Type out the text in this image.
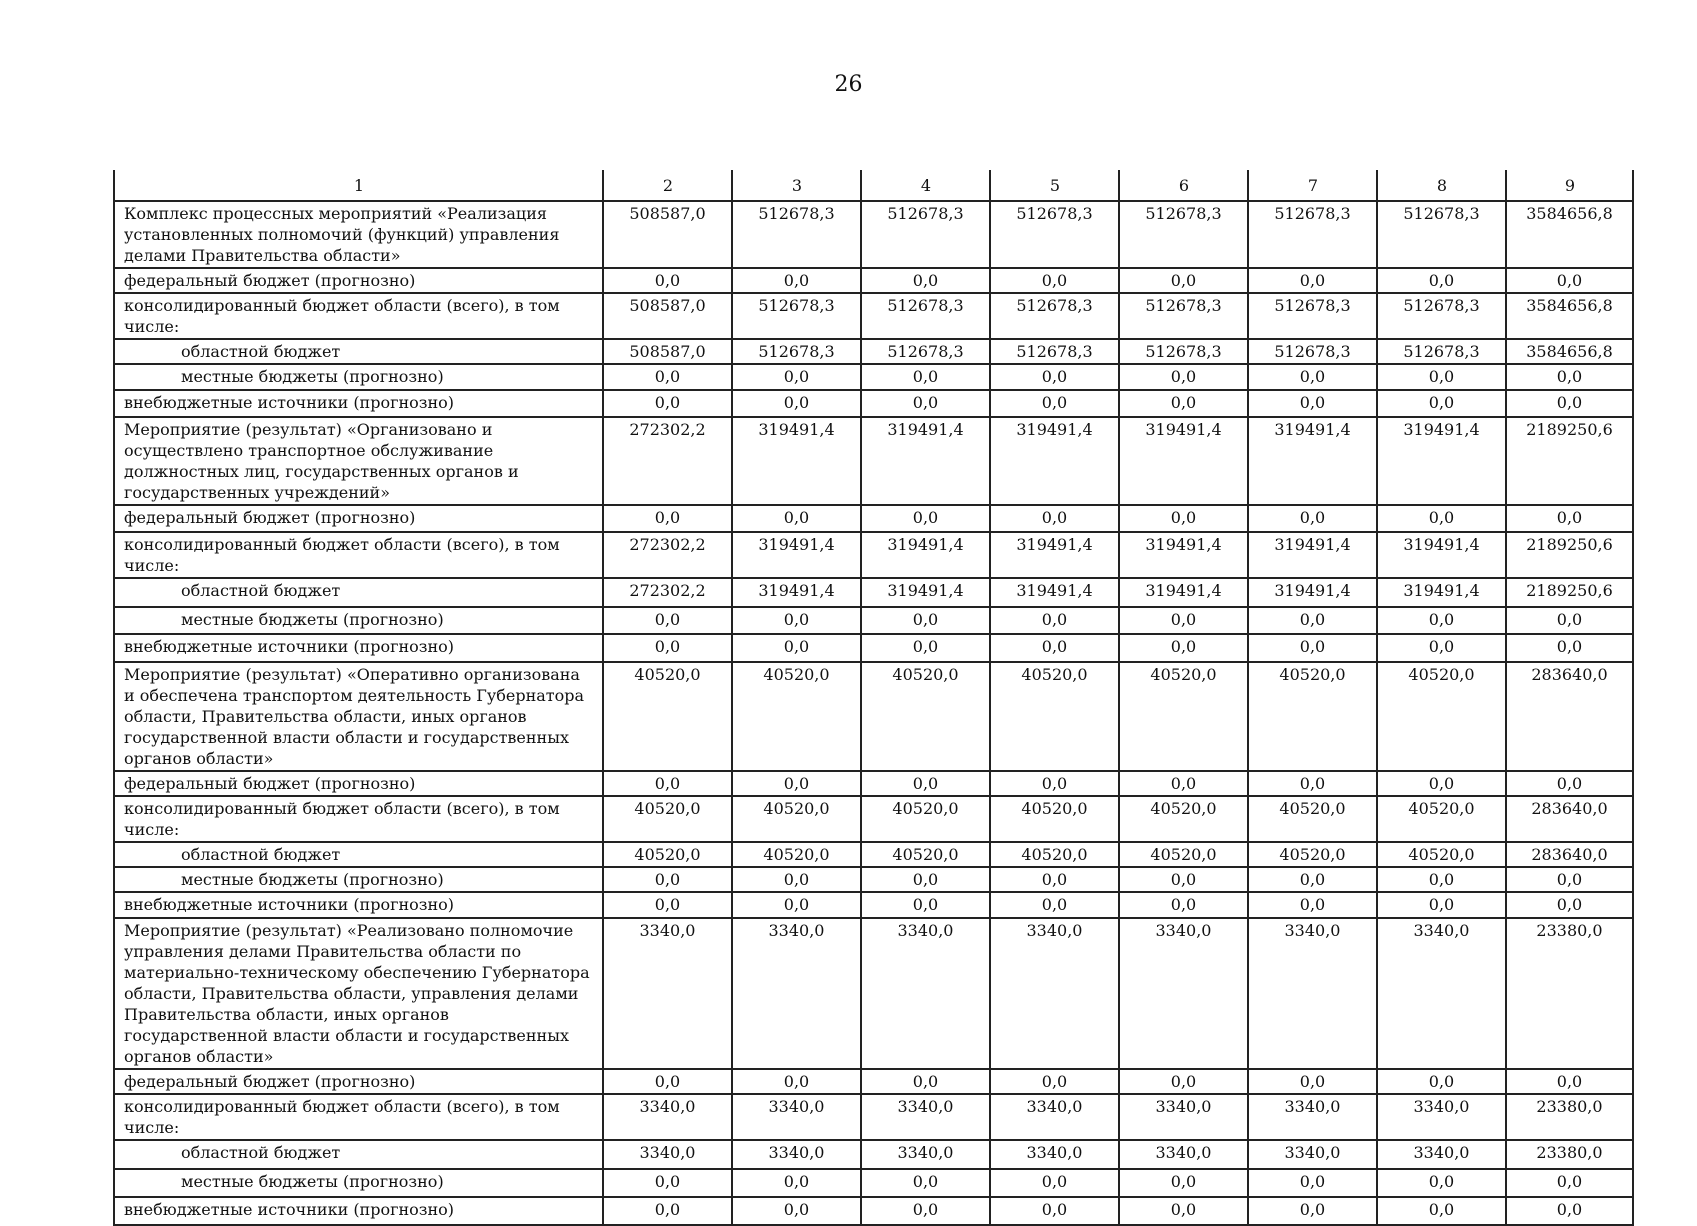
26
1	2	3	4	5	6	7	8	9
Комплекс процессных мероприятий «Реализация установленных полномочий (функций) управления делами Правительства области»	508587,0	512678,3	512678,3	512678,3	512678,3	512678,3	512678,3	3584656,8
федеральный бюджет (прогнозно)	0,0	0,0	0,0	0,0	0,0	0,0	0,0	0,0
консолидированный бюджет области (всего), в том числе:	508587,0	512678,3	512678,3	512678,3	512678,3	512678,3	512678,3	3584656,8
областной бюджет	508587,0	512678,3	512678,3	512678,3	512678,3	512678,3	512678,3	3584656,8
местные бюджеты (прогнозно)	0,0	0,0	0,0	0,0	0,0	0,0	0,0	0,0
внебюджетные источники (прогнозно)	0,0	0,0	0,0	0,0	0,0	0,0	0,0	0,0
Мероприятие (результат) «Организовано и осуществлено транспортное обслуживание должностных лиц, государственных органов и государственных учреждений»	272302,2	319491,4	319491,4	319491,4	319491,4	319491,4	319491,4	2189250,6
федеральный бюджет (прогнозно)	0,0	0,0	0,0	0,0	0,0	0,0	0,0	0,0
консолидированный бюджет области (всего), в том числе:	272302,2	319491,4	319491,4	319491,4	319491,4	319491,4	319491,4	2189250,6
областной бюджет	272302,2	319491,4	319491,4	319491,4	319491,4	319491,4	319491,4	2189250,6
местные бюджеты (прогнозно)	0,0	0,0	0,0	0,0	0,0	0,0	0,0	0,0
внебюджетные источники (прогнозно)	0,0	0,0	0,0	0,0	0,0	0,0	0,0	0,0
Мероприятие (результат) «Оперативно организована и обеспечена транспортом деятельность Губернатора области, Правительства области, иных органов государственной власти области и государственных органов области»	40520,0	40520,0	40520,0	40520,0	40520,0	40520,0	40520,0	283640,0
федеральный бюджет (прогнозно)	0,0	0,0	0,0	0,0	0,0	0,0	0,0	0,0
консолидированный бюджет области (всего), в том числе:	40520,0	40520,0	40520,0	40520,0	40520,0	40520,0	40520,0	283640,0
областной бюджет	40520,0	40520,0	40520,0	40520,0	40520,0	40520,0	40520,0	283640,0
местные бюджеты (прогнозно)	0,0	0,0	0,0	0,0	0,0	0,0	0,0	0,0
внебюджетные источники (прогнозно)	0,0	0,0	0,0	0,0	0,0	0,0	0,0	0,0
Мероприятие (результат) «Реализовано полномочие управления делами Правительства области по материально-техническому обеспечению Губернатора области, Правительства области, управления делами Правительства области, иных органов государственной власти области и государственных органов области»	3340,0	3340,0	3340,0	3340,0	3340,0	3340,0	3340,0	23380,0
федеральный бюджет (прогнозно)	0,0	0,0	0,0	0,0	0,0	0,0	0,0	0,0
консолидированный бюджет области (всего), в том числе:	3340,0	3340,0	3340,0	3340,0	3340,0	3340,0	3340,0	23380,0
областной бюджет	3340,0	3340,0	3340,0	3340,0	3340,0	3340,0	3340,0	23380,0
местные бюджеты (прогнозно)	0,0	0,0	0,0	0,0	0,0	0,0	0,0	0,0
внебюджетные источники (прогнозно)	0,0	0,0	0,0	0,0	0,0	0,0	0,0	0,0
